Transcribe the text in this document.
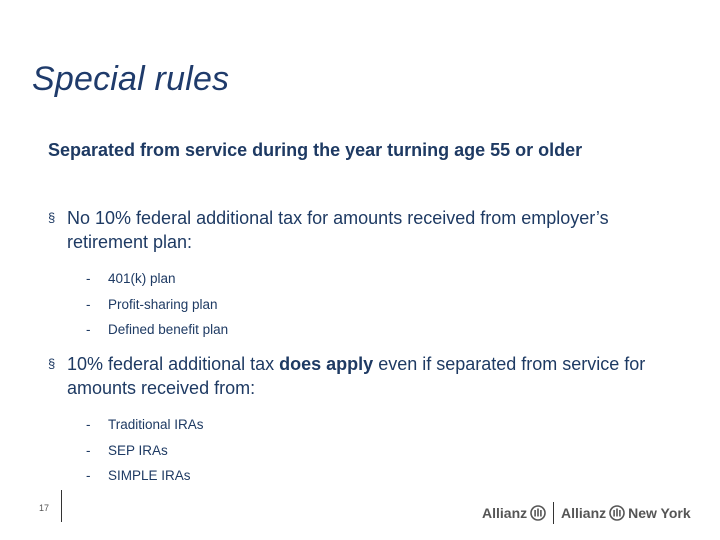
Special rules
Separated from service during the year turning age 55 or older
§ No 10% federal additional tax for amounts received from employer’s retirement plan:
- 401(k) plan
- Profit-sharing plan
- Defined benefit plan
§ 10% federal additional tax does apply even if separated from service for amounts received from:
- Traditional IRAs
- SEP IRAs
- SIMPLE IRAs
17	Allianz Allianz New York
